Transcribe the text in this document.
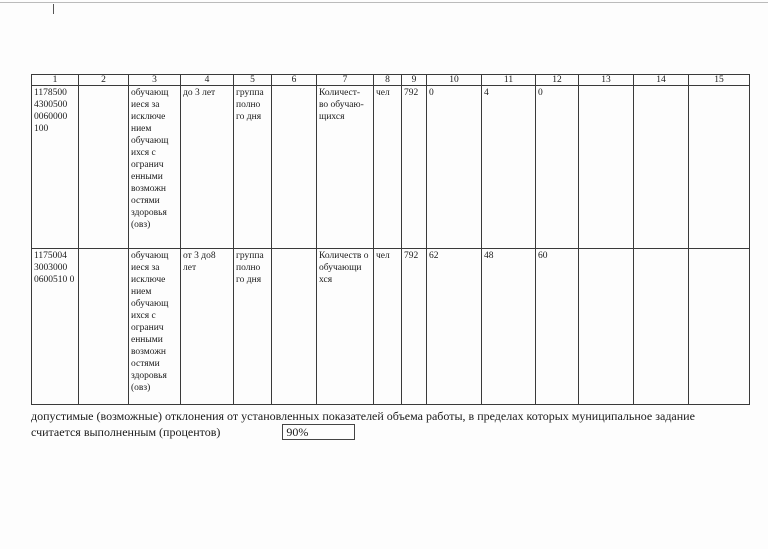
1	2	3	4	5	6	7	8	9	10	11	12	13	14	15
1178500 4300500 0060000 100		обучающ иеся за исключе нием обучающ ихся с огранич енными возможн остями здоровья (овз)	до 3 лет	группа полно го дня		Количест- во обучаю- щихся	чел	792	0	4	0			
1175004 3003000 0600510 0		обучающ иеся за исключе нием обучающ ихся с огранич енными возможн остями здоровья (овз)	от 3 до8 лет	группа полно го дня		Количеств о обучающи хся	чел	792	62	48	60			
допустимые (возможные) отклонения от установленных показателей объема работы, в пределах которых муниципальное задание
считается выполненным (процентов)	90%
